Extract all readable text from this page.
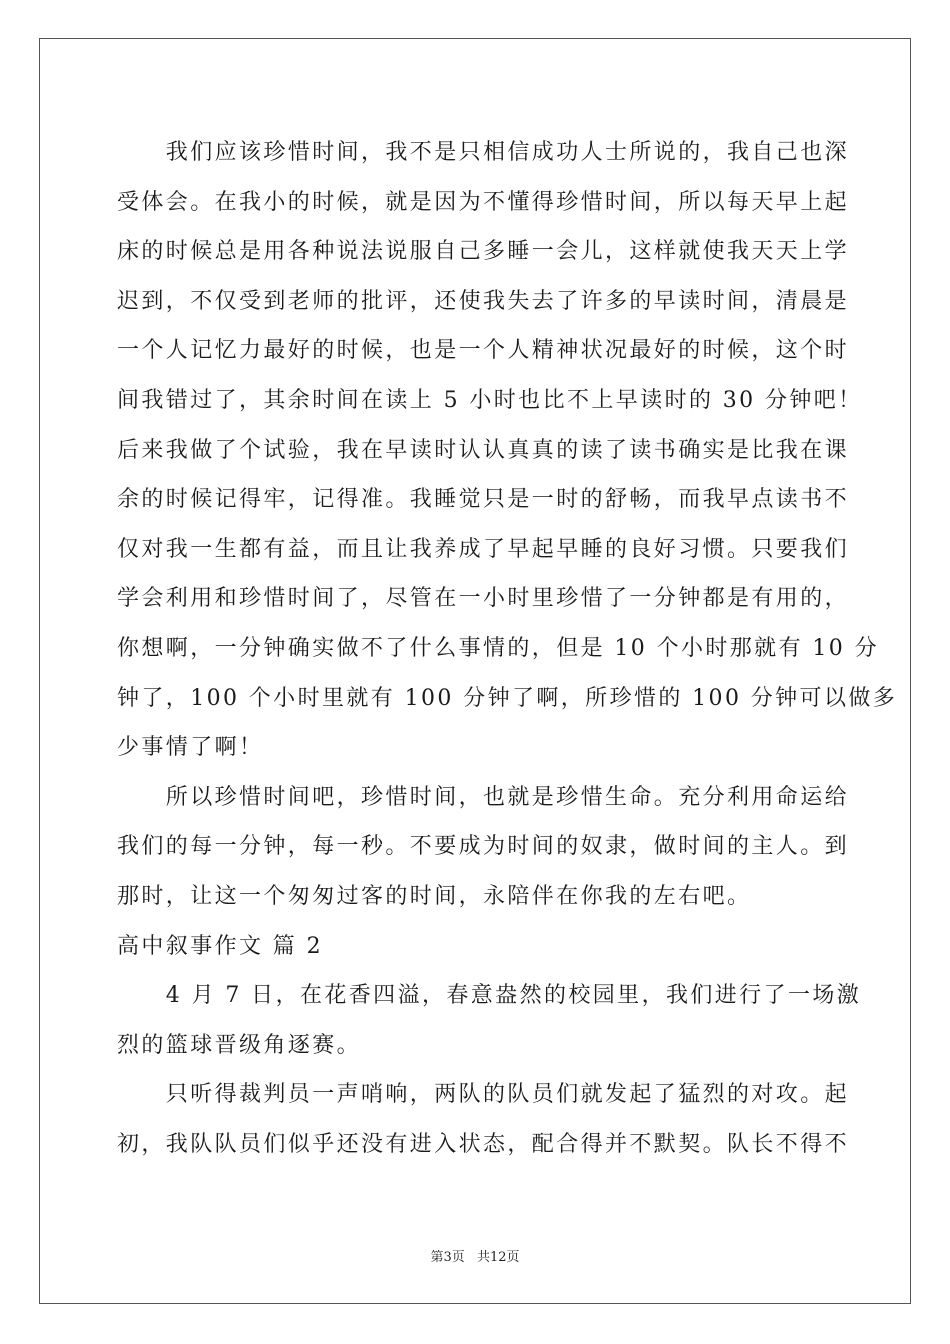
　　我们应该珍惜时间，我不是只相信成功人士所说的，我自己也深
受体会。在我小的时候，就是因为不懂得珍惜时间，所以每天早上起
床的时候总是用各种说法说服自己多睡一会儿，这样就使我天天上学
迟到，不仅受到老师的批评，还使我失去了许多的早读时间，清晨是
一个人记忆力最好的时候，也是一个人精神状况最好的时候，这个时
间我错过了，其余时间在读上 5 小时也比不上早读时的 30 分钟吧！
后来我做了个试验，我在早读时认认真真的读了读书确实是比我在课
余的时候记得牢，记得准。我睡觉只是一时的舒畅，而我早点读书不
仅对我一生都有益，而且让我养成了早起早睡的良好习惯。只要我们
学会利用和珍惜时间了，尽管在一小时里珍惜了一分钟都是有用的，
你想啊，一分钟确实做不了什么事情的，但是 10 个小时那就有 10 分
钟了，100 个小时里就有 100 分钟了啊，所珍惜的 100 分钟可以做多
少事情了啊！
　　所以珍惜时间吧，珍惜时间，也就是珍惜生命。充分利用命运给
我们的每一分钟，每一秒。不要成为时间的奴隶，做时间的主人。到
那时，让这一个匆匆过客的时间，永陪伴在你我的左右吧。
高中叙事作文 篇 2
　　4 月 7 日，在花香四溢，春意盎然的校园里，我们进行了一场激
烈的篮球晋级角逐赛。
　　只听得裁判员一声哨响，两队的队员们就发起了猛烈的对攻。起
初，我队队员们似乎还没有进入状态，配合得并不默契。队长不得不
第3页 共12页
